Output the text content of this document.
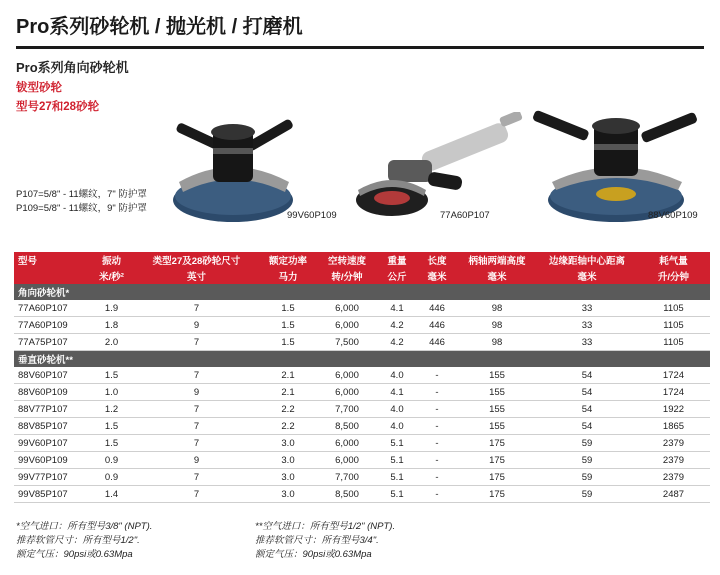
Pro系列砂轮机 / 抛光机 / 打磨机
Pro系列角向砂轮机
钹型砂轮
型号27和28砂轮
P107=5/8" - 11螺纹，7" 防护罩
P109=5/8" - 11螺纹，9" 防护罩
99V60P109	77A60P107	88V60P109
型号	振动	类型27及28砂轮尺寸	额定功率	空转速度	重量	长度	柄轴两端高度	边缘距轴中心距离	耗气量
	米/秒²	英寸	马力	转/分钟	公斤	毫米	毫米	毫米	升/分钟
角向砂轮机*									
77A60P107	1.9	7	1.5	6,000	4.1	446	98	33	1105
77A60P109	1.8	9	1.5	6,000	4.2	446	98	33	1105
77A75P107	2.0	7	1.5	7,500	4.2	446	98	33	1105
垂直砂轮机**									
88V60P107	1.5	7	2.1	6,000	4.0	-	155	54	1724
88V60P109	1.0	9	2.1	6,000	4.1	-	155	54	1724
88V77P107	1.2	7	2.2	7,700	4.0	-	155	54	1922
88V85P107	1.5	7	2.2	8,500	4.0	-	155	54	1865
99V60P107	1.5	7	3.0	6,000	5.1	-	175	59	2379
99V60P109	0.9	9	3.0	6,000	5.1	-	175	59	2379
99V77P107	0.9	7	3.0	7,700	5.1	-	175	59	2379
99V85P107	1.4	7	3.0	8,500	5.1	-	175	59	2487
*空气进口：所有型号3/8" (NPT).
推荐软管尺寸：所有型号1/2".
额定气压：90psi或0.63Mpa
**空气进口：所有型号1/2" (NPT).
推荐软管尺寸：所有型号3/4".
额定气压：90psi或0.63Mpa
